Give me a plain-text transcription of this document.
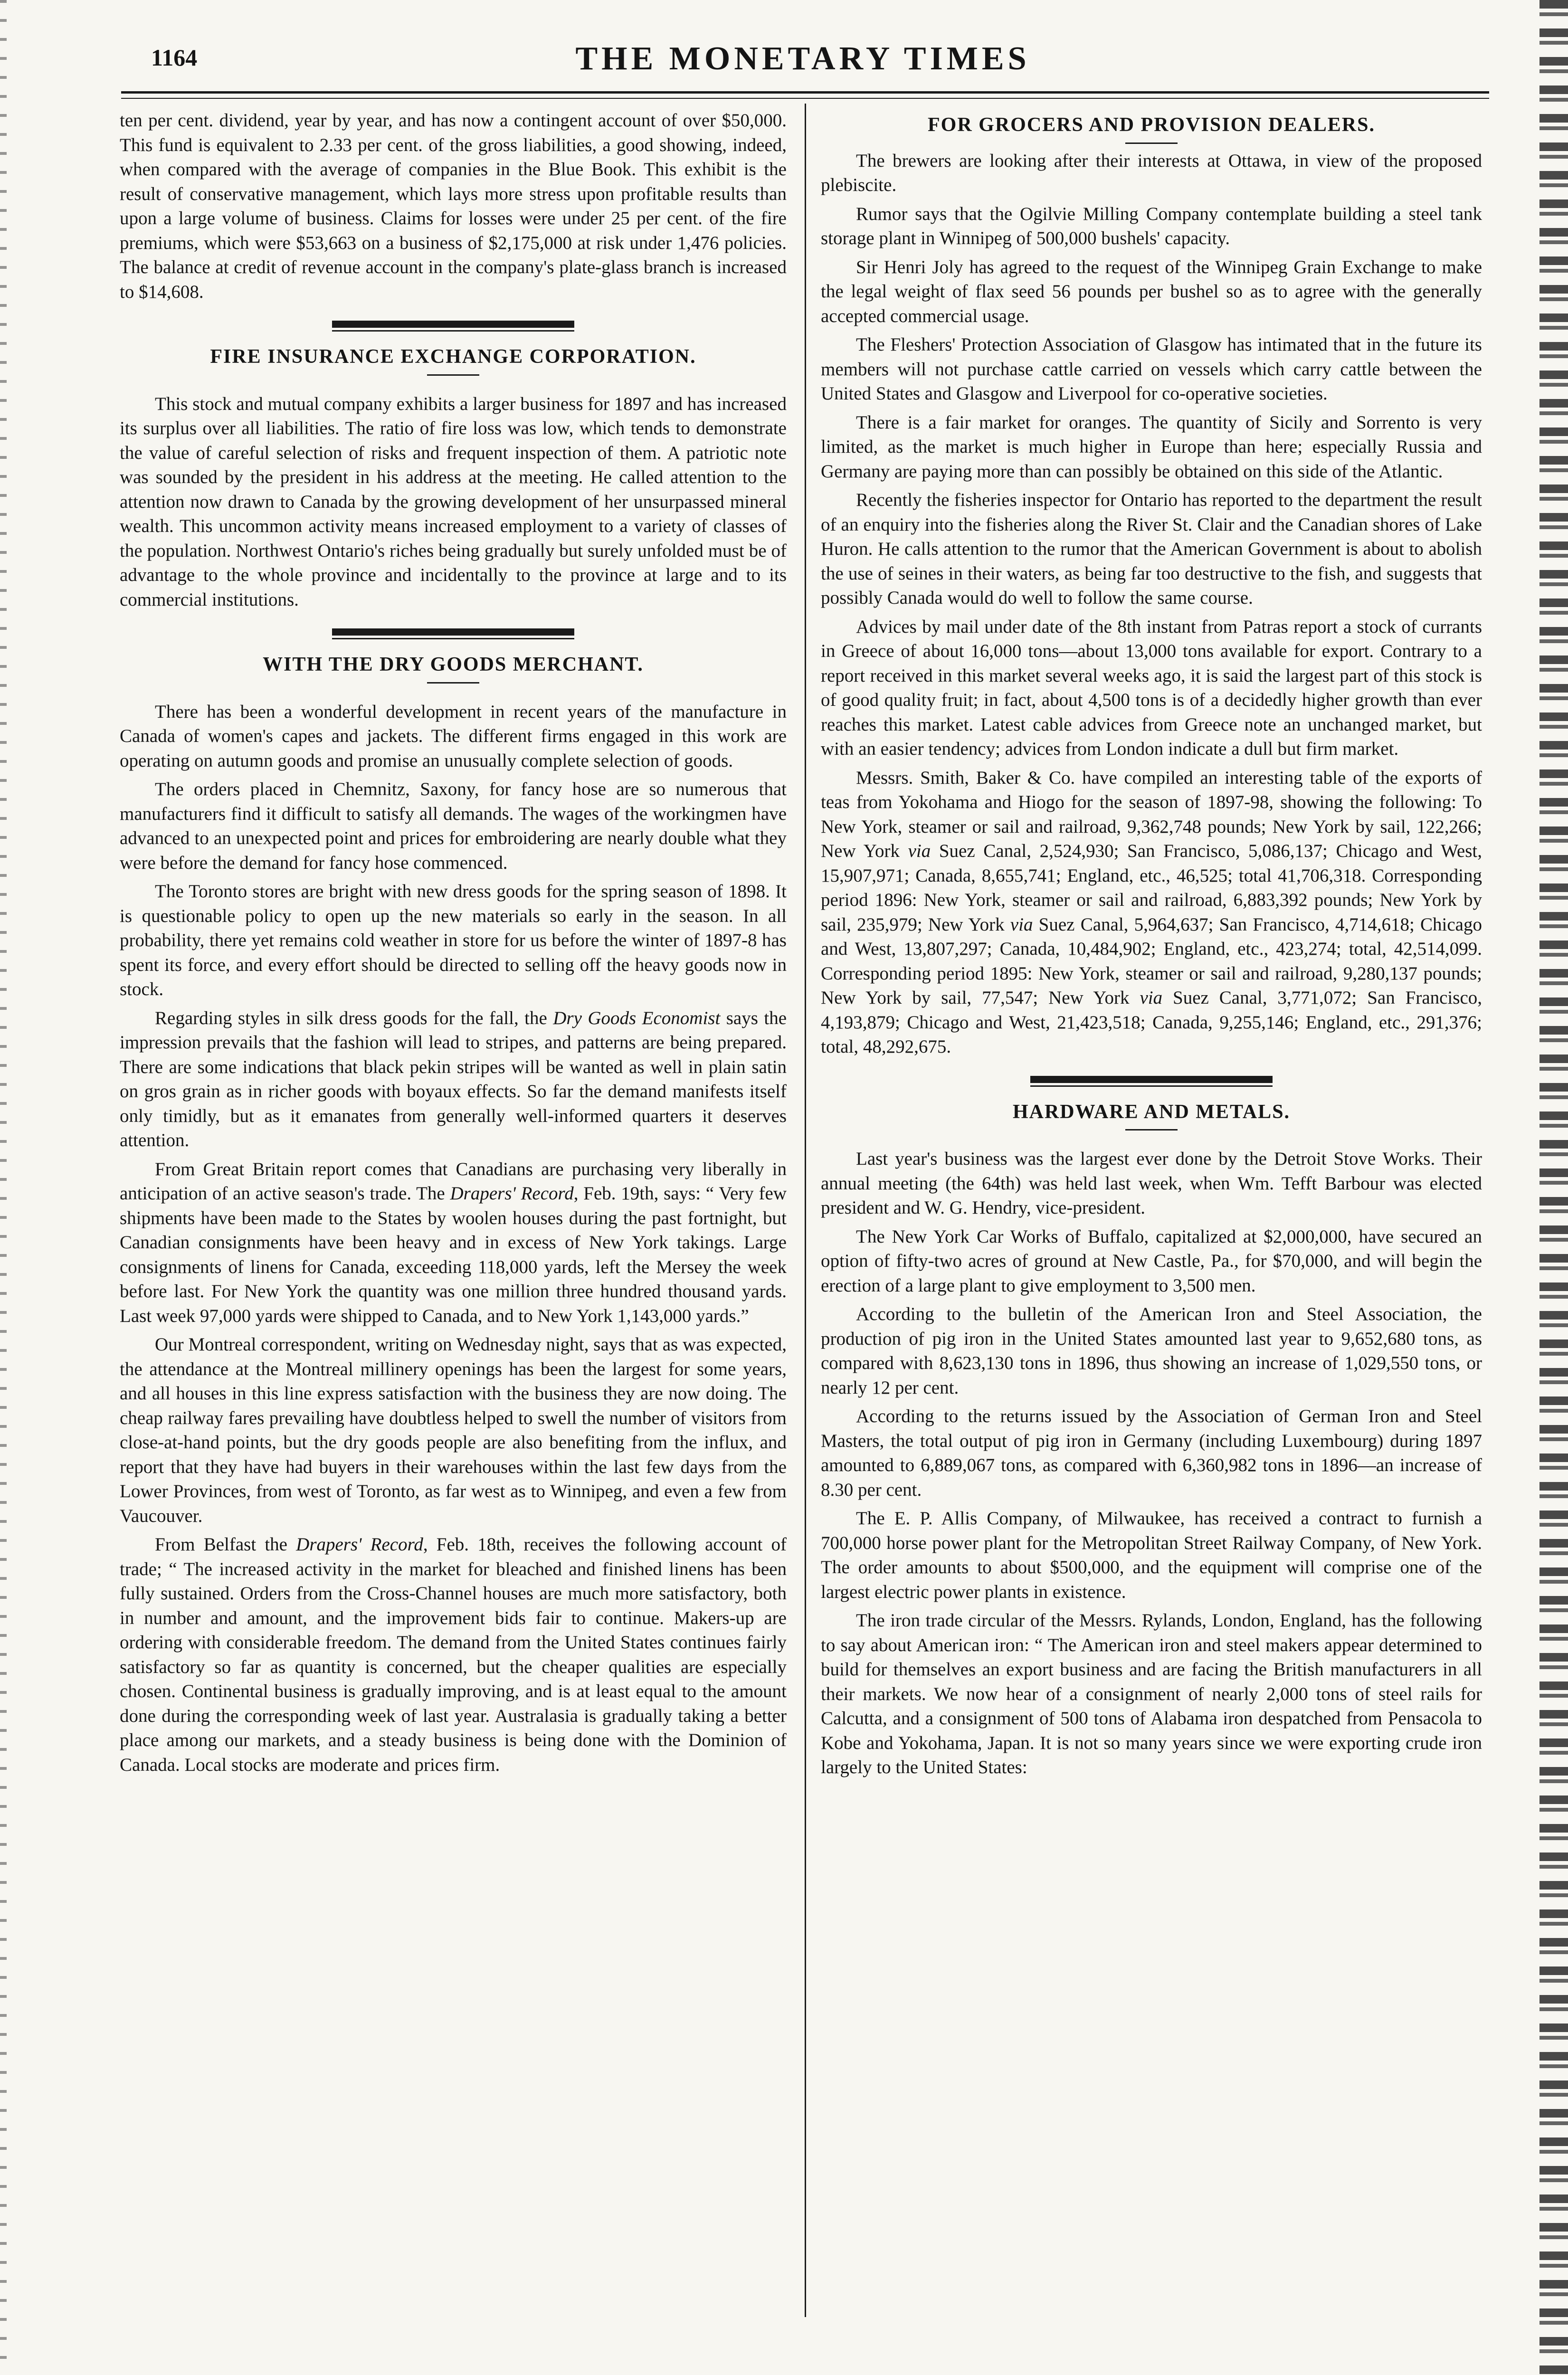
THE MONETARY TIMES
1164

ten per cent. dividend, year by year, and has now a contingent account of over $50,000. This fund is equivalent to 2.33 per cent. of the gross liabilities, a good showing, indeed, when compared with the average of companies in the Blue Book. This exhibit is the result of conservative management, which lays more stress upon profitable results than upon a large volume of business. Claims for losses were under 25 per cent. of the fire premiums, which were $53,663 on a business of $2,175,000 at risk under 1,476 policies. The balance at credit of revenue account in the company's plate-glass branch is increased to $14,608.

FIRE INSURANCE EXCHANGE CORPORATION.

This stock and mutual company exhibits a larger business for 1897 and has increased its surplus over all liabilities. The ratio of fire loss was low, which tends to demonstrate the value of careful selection of risks and frequent inspection of them. A patriotic note was sounded by the president in his address at the meeting. He called attention to the attention now drawn to Canada by the growing development of her unsurpassed mineral wealth. This uncommon activity means increased employment to a variety of classes of the population. Northwest Ontario's riches being gradually but surely unfolded must be of advantage to the whole province and incidentally to the province at large and to its commercial institutions.

WITH THE DRY GOODS MERCHANT.

There has been a wonderful development in recent years of the manufacture in Canada of women's capes and jackets. The different firms engaged in this work are operating on autumn goods and promise an unusually complete selection of goods.

The orders placed in Chemnitz, Saxony, for fancy hose are so numerous that manufacturers find it difficult to satisfy all demands. The wages of the workingmen have advanced to an unexpected point and prices for embroidering are nearly double what they were before the demand for fancy hose commenced.

The Toronto stores are bright with new dress goods for the spring season of 1898. It is questionable policy to open up the new materials so early in the season. In all probability, there yet remains cold weather in store for us before the winter of 1897-8 has spent its force, and every effort should be directed to selling off the heavy goods now in stock.

Regarding styles in silk dress goods for the fall, the Dry Goods Economist says the impression prevails that the fashion will lead to stripes, and patterns are being prepared. There are some indications that black pekin stripes will be wanted as well in plain satin on gros grain as in richer goods with boyaux effects. So far the demand manifests itself only timidly, but as it emanates from generally well-informed quarters it deserves attention.

From Great Britain report comes that Canadians are purchasing very liberally in anticipation of an active season's trade. The Drapers' Record, Feb. 19th, says: “ Very few shipments have been made to the States by woolen houses during the past fortnight, but Canadian consignments have been heavy and in excess of New York takings. Large consignments of linens for Canada, exceeding 118,000 yards, left the Mersey the week before last. For New York the quantity was one million three hundred thousand yards. Last week 97,000 yards were shipped to Canada, and to New York 1,143,000 yards.”

Our Montreal correspondent, writing on Wednesday night, says that as was expected, the attendance at the Montreal millinery openings has been the largest for some years, and all houses in this line express satisfaction with the business they are now doing. The cheap railway fares prevailing have doubtless helped to swell the number of visitors from close-at-hand points, but the dry goods people are also benefiting from the influx, and report that they have had buyers in their warehouses within the last few days from the Lower Provinces, from west of Toronto, as far west as to Winnipeg, and even a few from Vaucouver.

From Belfast the Drapers' Record, Feb. 18th, receives the following account of trade; “ The increased activity in the market for bleached and finished linens has been fully sustained. Orders from the Cross-Channel houses are much more satisfactory, both in number and amount, and the improvement bids fair to continue. Makers-up are ordering with considerable freedom. The demand from the United States continues fairly satisfactory so far as quantity is concerned, but the cheaper qualities are especially chosen. Continental business is gradually improving, and is at least equal to the amount done during the corresponding week of last year. Australasia is gradually taking a better place among our markets, and a steady business is being done with the Dominion of Canada. Local stocks are moderate and prices firm.

FOR GROCERS AND PROVISION DEALERS.

The brewers are looking after their interests at Ottawa, in view of the proposed plebiscite.

Rumor says that the Ogilvie Milling Company contemplate building a steel tank storage plant in Winnipeg of 500,000 bushels' capacity.

Sir Henri Joly has agreed to the request of the Winnipeg Grain Exchange to make the legal weight of flax seed 56 pounds per bushel so as to agree with the generally accepted commercial usage.

The Fleshers' Protection Association of Glasgow has intimated that in the future its members will not purchase cattle carried on vessels which carry cattle between the United States and Glasgow and Liverpool for co-operative societies.

There is a fair market for oranges. The quantity of Sicily and Sorrento is very limited, as the market is much higher in Europe than here; especially Russia and Germany are paying more than can possibly be obtained on this side of the Atlantic.

Recently the fisheries inspector for Ontario has reported to the department the result of an enquiry into the fisheries along the River St. Clair and the Canadian shores of Lake Huron. He calls attention to the rumor that the American Government is about to abolish the use of seines in their waters, as being far too destructive to the fish, and suggests that possibly Canada would do well to follow the same course.

Advices by mail under date of the 8th instant from Patras report a stock of currants in Greece of about 16,000 tons—about 13,000 tons available for export. Contrary to a report received in this market several weeks ago, it is said the largest part of this stock is of good quality fruit; in fact, about 4,500 tons is of a decidedly higher growth than ever reaches this market. Latest cable advices from Greece note an unchanged market, but with an easier tendency; advices from London indicate a dull but firm market.

Messrs. Smith, Baker & Co. have compiled an interesting table of the exports of teas from Yokohama and Hiogo for the season of 1897-98, showing the following: To New York, steamer or sail and railroad, 9,362,748 pounds; New York by sail, 122,266; New York via Suez Canal, 2,524,930; San Francisco, 5,086,137; Chicago and West, 15,907,971; Canada, 8,655,741; England, etc., 46,525; total 41,706,318. Corresponding period 1896: New York, steamer or sail and railroad, 6,883,392 pounds; New York by sail, 235,979; New York via Suez Canal, 5,964,637; San Francisco, 4,714,618; Chicago and West, 13,807,297; Canada, 10,484,902; England, etc., 423,274; total, 42,514,099. Corresponding period 1895: New York, steamer or sail and railroad, 9,280,137 pounds; New York by sail, 77,547; New York via Suez Canal, 3,771,072; San Francisco, 4,193,879; Chicago and West, 21,423,518; Canada, 9,255,146; England, etc., 291,376; total, 48,292,675.

HARDWARE AND METALS.

Last year's business was the largest ever done by the Detroit Stove Works. Their annual meeting (the 64th) was held last week, when Wm. Tefft Barbour was elected president and W. G. Hendry, vice-president.

The New York Car Works of Buffalo, capitalized at $2,000,000, have secured an option of fifty-two acres of ground at New Castle, Pa., for $70,000, and will begin the erection of a large plant to give employment to 3,500 men.

According to the bulletin of the American Iron and Steel Association, the production of pig iron in the United States amounted last year to 9,652,680 tons, as compared with 8,623,130 tons in 1896, thus showing an increase of 1,029,550 tons, or nearly 12 per cent.

According to the returns issued by the Association of German Iron and Steel Masters, the total output of pig iron in Germany (including Luxembourg) during 1897 amounted to 6,889,067 tons, as compared with 6,360,982 tons in 1896—an increase of 8.30 per cent.

The E. P. Allis Company, of Milwaukee, has received a contract to furnish a 700,000 horse power plant for the Metropolitan Street Railway Company, of New York. The order amounts to about $500,000, and the equipment will comprise one of the largest electric power plants in existence.

The iron trade circular of the Messrs. Rylands, London, England, has the following to say about American iron: “ The American iron and steel makers appear determined to build for themselves an export business and are facing the British manufacturers in all their markets. We now hear of a consignment of nearly 2,000 tons of steel rails for Calcutta, and a consignment of 500 tons of Alabama iron despatched from Pensacola to Kobe and Yokohama, Japan. It is not so many years since we were exporting crude iron largely to the United States:
